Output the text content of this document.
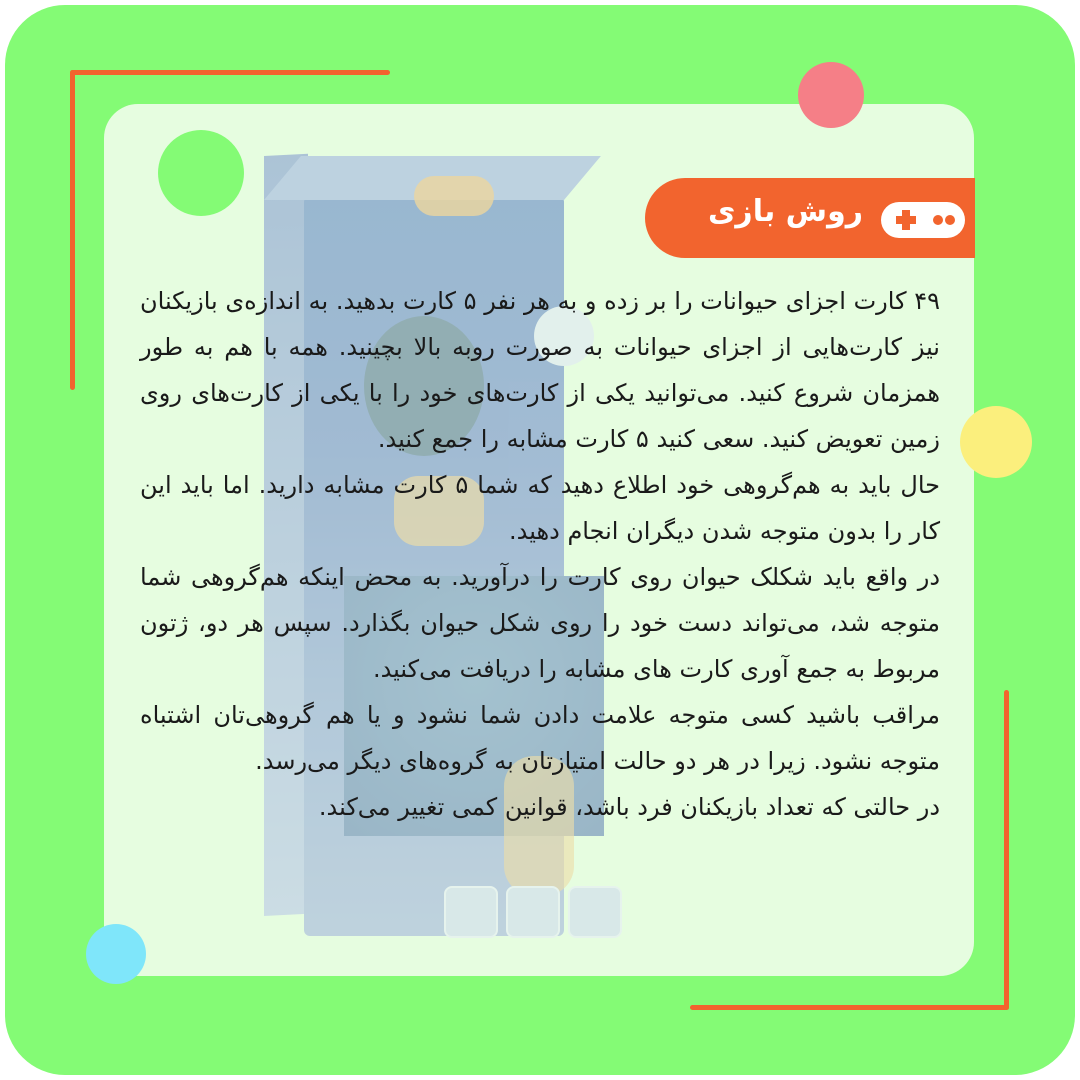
روش بازی

۴۹ کارت اجزای حیوانات را بر زده و به هر نفر ۵ کارت بدهید. به اندازه‌ی بازیکنان نیز کارت‌هایی از اجزای حیوانات به صورت روبه بالا بچینید. همه با هم به طور همزمان شروع کنید. می‌توانید یکی از کارت‌های خود را با یکی از کارت‌های روی زمین تعویض کنید. سعی کنید ۵ کارت مشابه را جمع کنید.

حال باید به هم‌گروهی خود اطلاع دهید که شما ۵ کارت مشابه دارید. اما باید این کار را بدون متوجه شدن دیگران انجام دهید.

در واقع باید شکلک حیوان روی کارت را درآورید. به محض اینکه هم‌گروهی شما متوجه شد، می‌تواند دست خود را روی شکل حیوان بگذارد. سپس هر دو، ژتون مربوط به جمع آوری کارت های مشابه را دریافت می‌کنید.

مراقب باشید کسی متوجه علامت دادن شما نشود و یا هم گروهی‌تان اشتباه متوجه نشود. زیرا در هر دو حالت امتیازتان به گروه‌های دیگر می‌رسد.

در حالتی که تعداد بازیکنان فرد باشد، قوانین کمی تغییر می‌کند.
